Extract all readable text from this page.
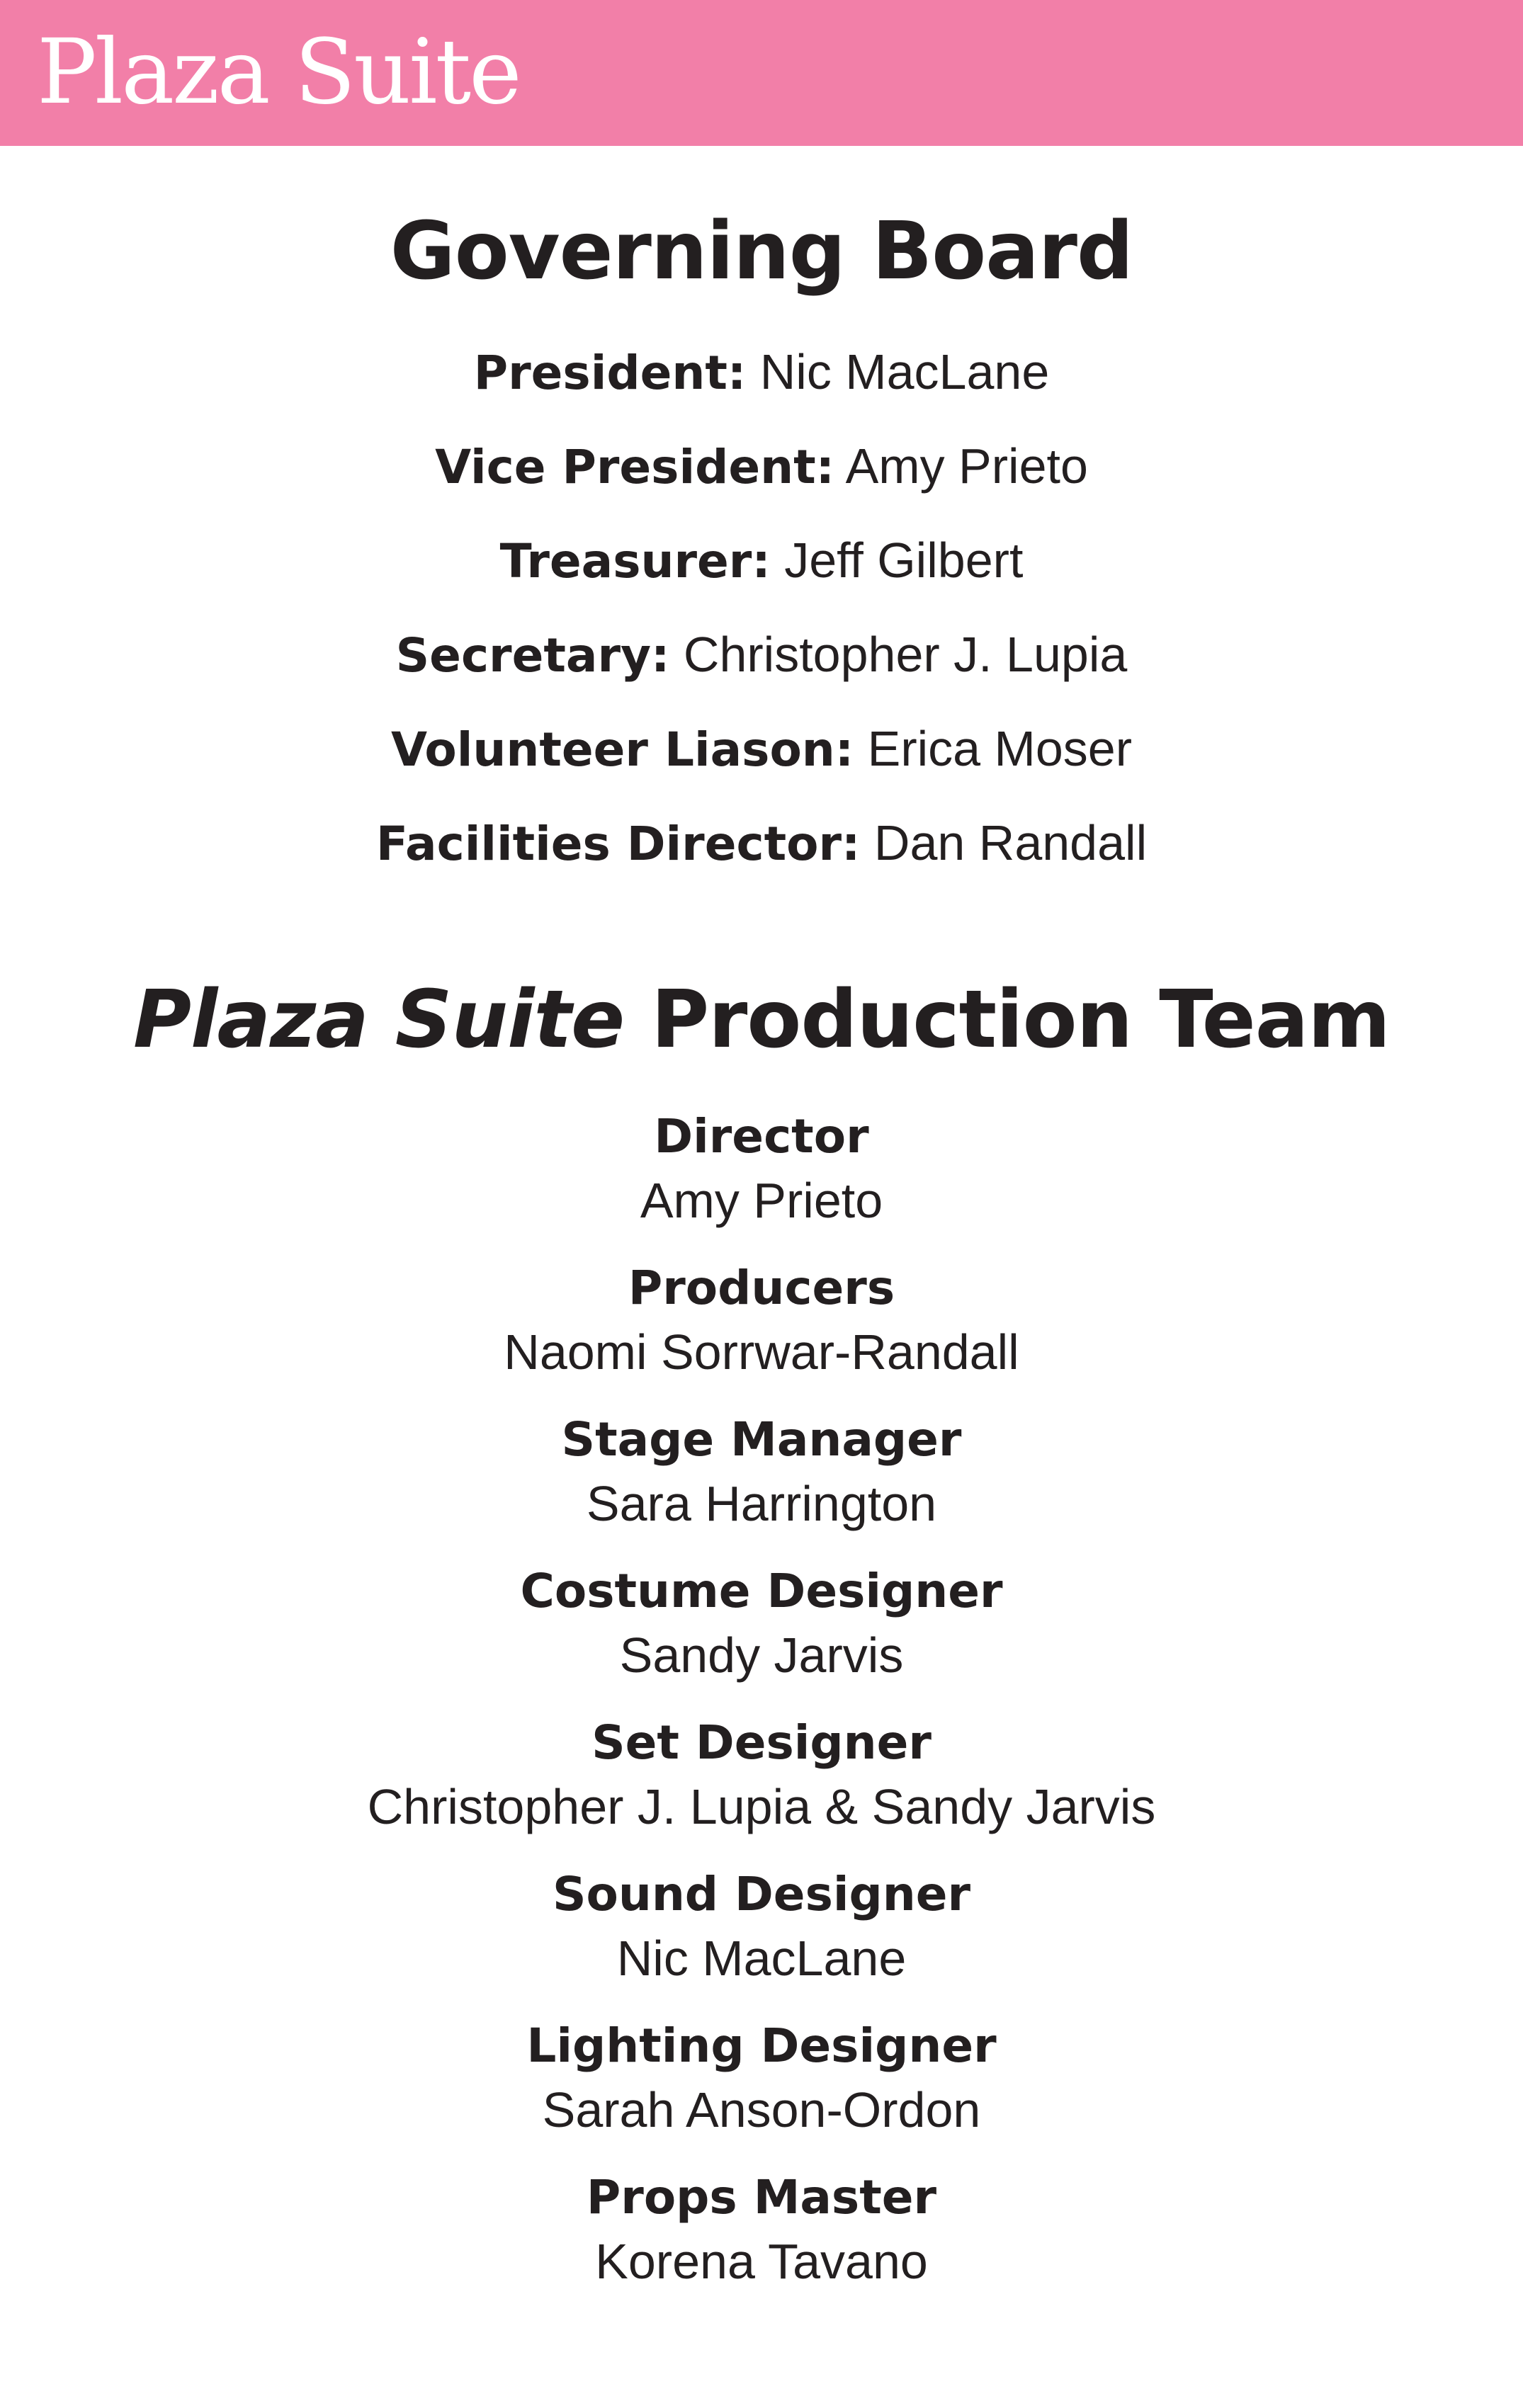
Plaza Suite
Governing Board
President: Nic MacLane
Vice President: Amy Prieto
Treasurer: Jeff Gilbert
Secretary: Christopher J. Lupia
Volunteer Liason: Erica Moser
Facilities Director: Dan Randall
Plaza Suite Production Team
Director
Amy Prieto
Producers
Naomi Sorrwar-Randall
Stage Manager
Sara Harrington
Costume Designer
Sandy Jarvis
Set Designer
Christopher J. Lupia & Sandy Jarvis
Sound Designer
Nic MacLane
Lighting Designer
Sarah Anson-Ordon
Props Master
Korena Tavano
